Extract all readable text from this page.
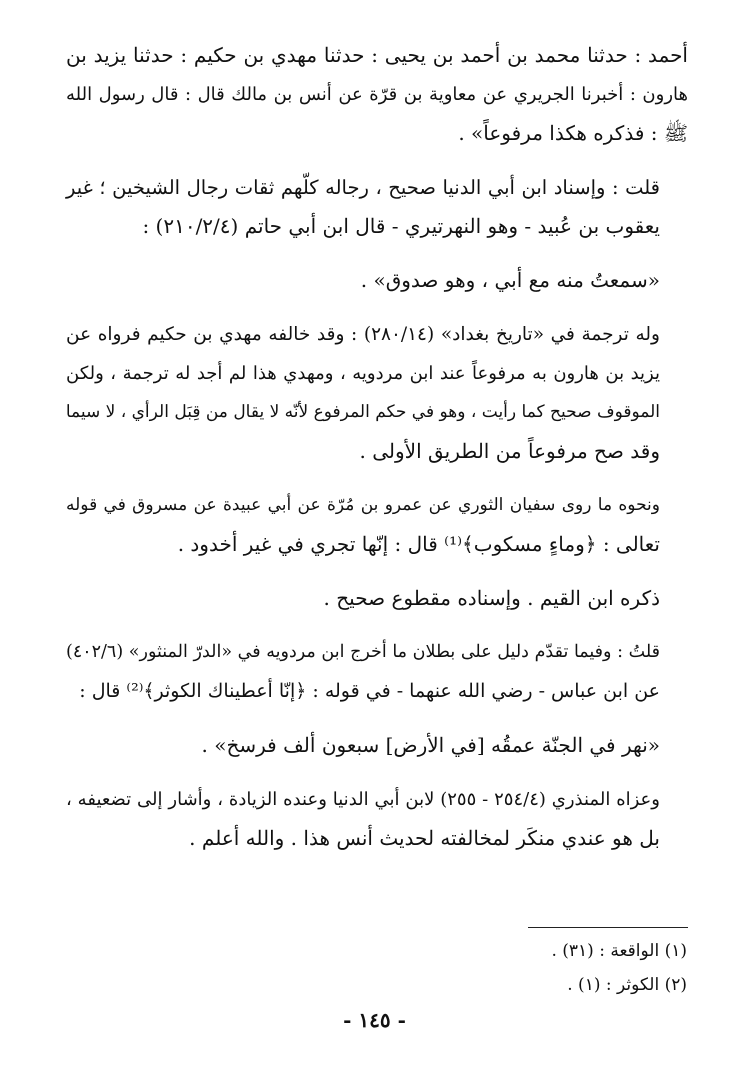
أحمد : حدثنا محمد بن أحمد بن يحيى : حدثنا مهدي بن حكيم : حدثنا يزيد بن
هارون : أخبرنا الجريري عن معاوية بن قرّة عن أنس بن مالك قال : قال رسول الله
ﷺ : فذكره هكذا مرفوعاً» .

قلت : وإسناد ابن أبي الدنيا صحيح ، رجاله كلّهم ثقات رجال الشيخين ؛ غير
يعقوب بن عُبيد - وهو النهرتيري - قال ابن أبي حاتم (٢١٠/٢/٤) :

«سمعتُ منه مع أبي ، وهو صدوق» .

وله ترجمة في «تاريخ بغداد» (٢٨٠/١٤) : وقد خالفه مهدي بن حكيم فرواه عن
يزيد بن هارون به مرفوعاً عند ابن مردويه ، ومهدي هذا لم أجد له ترجمة ، ولكن
الموقوف صحيح كما رأيت ، وهو في حكم المرفوع لأنّه لا يقال من قِبَل الرأي ، لا سيما
وقد صح مرفوعاً من الطريق الأولى .

ونحوه ما روى سفيان الثوري عن عمرو بن مُرّة عن أبي عبيدة عن مسروق في قوله
تعالى : ﴿وماءٍ مسكوب﴾⁽¹⁾ قال : إنّها تجري في غير أخدود .

ذكره ابن القيم . وإسناده مقطوع صحيح .

قلتُ : وفيما تقدّم دليل على بطلان ما أخرج ابن مردويه في «الدرّ المنثور» (٤٠٢/٦)
عن ابن عباس - رضي الله عنهما - في قوله : ﴿إنّا أعطيناك الكوثر﴾⁽²⁾ قال :

«نهر في الجنّة عمقُه [في الأرض] سبعون ألف فرسخ» .

وعزاه المنذري (٢٥٤/٤ - ٢٥٥) لابن أبي الدنيا وعنده الزيادة ، وأشار إلى تضعيفه ،
بل هو عندي منكَر لمخالفته لحديث أنس هذا . والله أعلم .

(١) الواقعة : (٣١) .
(٢) الكوثر : (١) .
- ١٤٥ -
